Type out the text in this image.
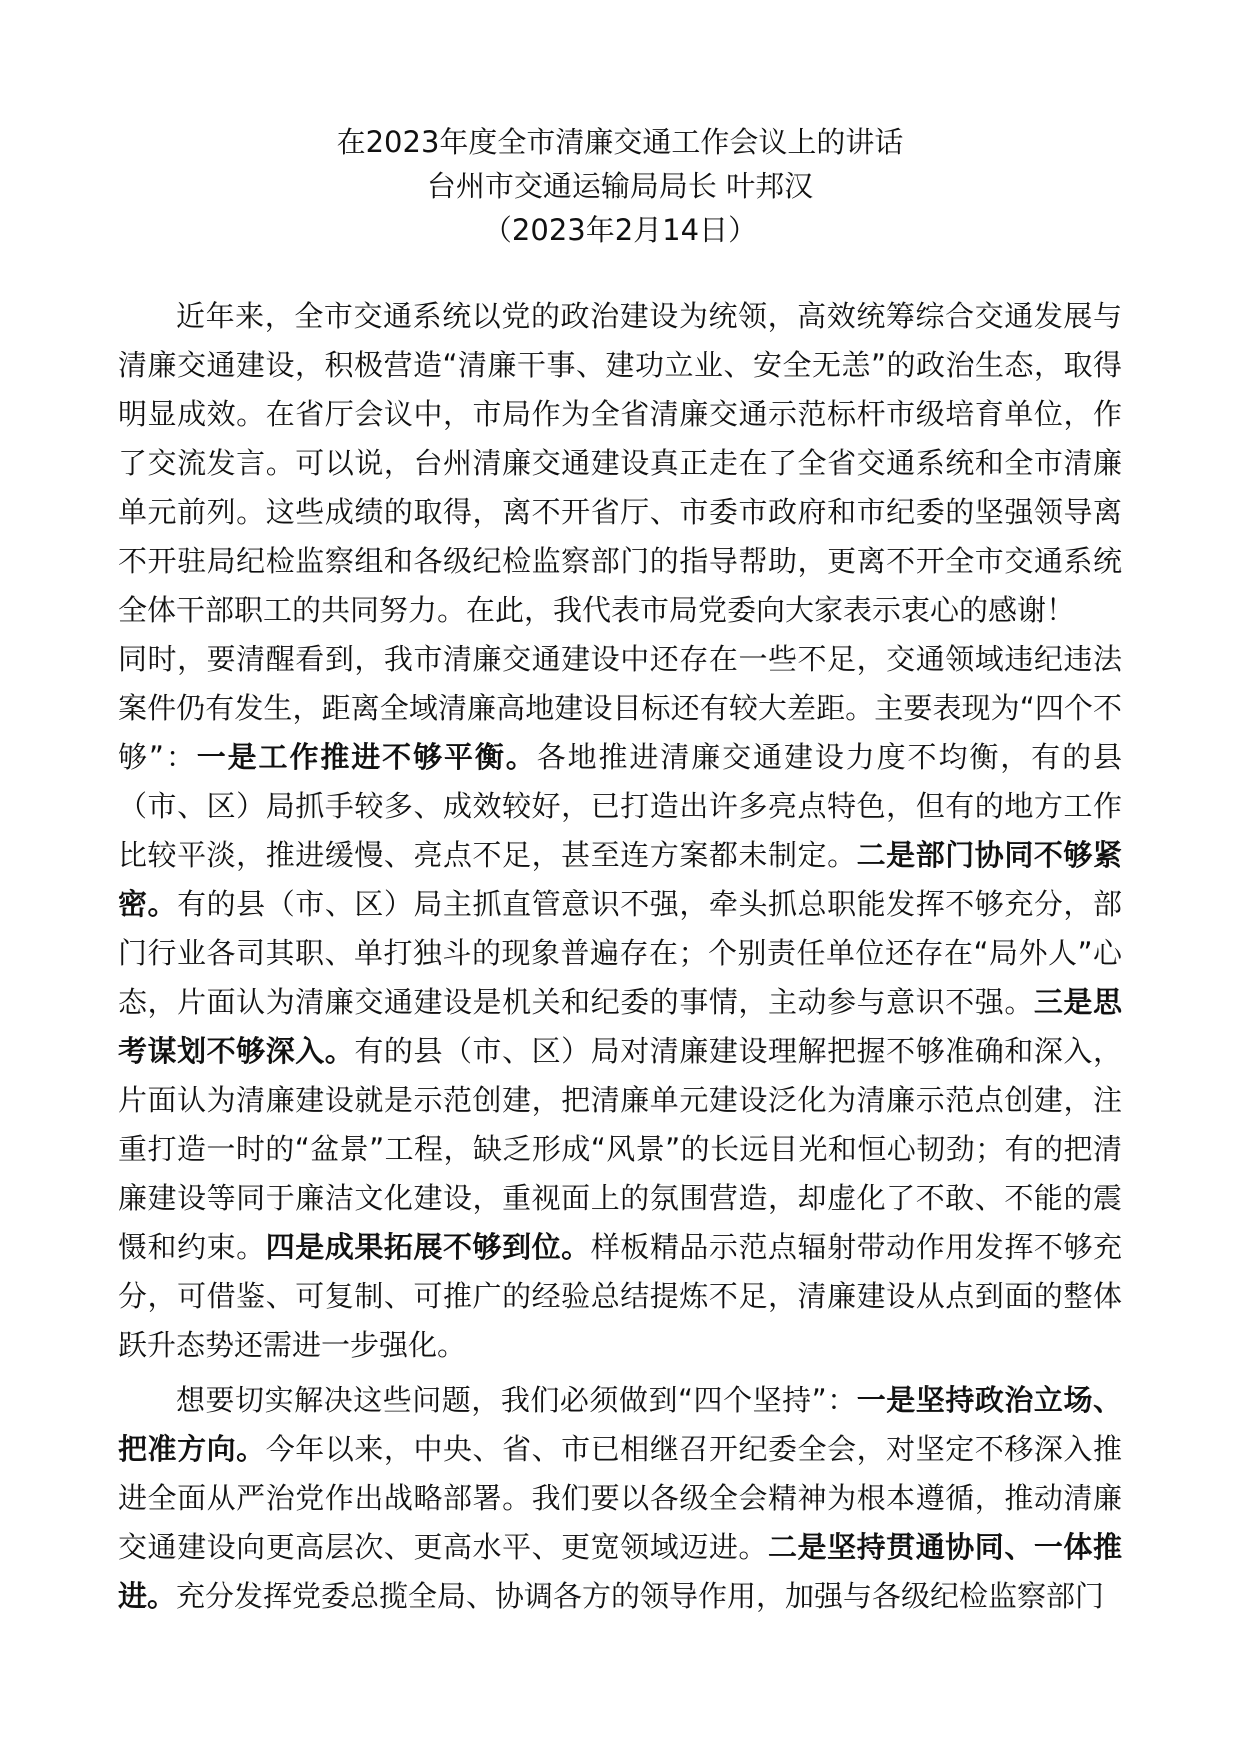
在2023年度全市清廉交通工作会议上的讲话

台州市交通运输局局长 叶邦汉

（2023年2月14日）

近年来，全市交通系统以党的政治建设为统领，高效统筹综合交通发展与清廉交通建设，积极营造“清廉干事、建功立业、安全无恙”的政治生态，取得明显成效。在省厅会议中，市局作为全省清廉交通示范标杆市级培育单位，作了交流发言。可以说，台州清廉交通建设真正走在了全省交通系统和全市清廉单元前列。这些成绩的取得，离不开省厅、市委市政府和市纪委的坚强领导离不开驻局纪检监察组和各级纪检监察部门的指导帮助，更离不开全市交通系统全体干部职工的共同努力。在此，我代表市局党委向大家表示衷心的感谢！

同时，要清醒看到，我市清廉交通建设中还存在一些不足，交通领域违纪违法案件仍有发生，距离全域清廉高地建设目标还有较大差距。主要表现为“四个不够”：一是工作推进不够平衡。各地推进清廉交通建设力度不均衡，有的县（市、区）局抓手较多、成效较好，已打造出许多亮点特色，但有的地方工作比较平淡，推进缓慢、亮点不足，甚至连方案都未制定。二是部门协同不够紧密。有的县（市、区）局主抓直管意识不强，牵头抓总职能发挥不够充分，部门行业各司其职、单打独斗的现象普遍存在；个别责任单位还存在“局外人”心态，片面认为清廉交通建设是机关和纪委的事情，主动参与意识不强。三是思考谋划不够深入。有的县（市、区）局对清廉建设理解把握不够准确和深入，片面认为清廉建设就是示范创建，把清廉单元建设泛化为清廉示范点创建，注重打造一时的“盆景”工程，缺乏形成“风景”的长远目光和恒心韧劲；有的把清廉建设等同于廉洁文化建设，重视面上的氛围营造，却虚化了不敢、不能的震慑和约束。四是成果拓展不够到位。样板精品示范点辐射带动作用发挥不够充分，可借鉴、可复制、可推广的经验总结提炼不足，清廉建设从点到面的整体跃升态势还需进一步强化。

想要切实解决这些问题，我们必须做到“四个坚持”：一是坚持政治立场、把准方向。今年以来，中央、省、市已相继召开纪委全会，对坚定不移深入推进全面从严治党作出战略部署。我们要以各级全会精神为根本遵循，推动清廉交通建设向更高层次、更高水平、更宽领域迈进。二是坚持贯通协同、一体推进。充分发挥党委总揽全局、协调各方的领导作用，加强与各级纪检监察部门
